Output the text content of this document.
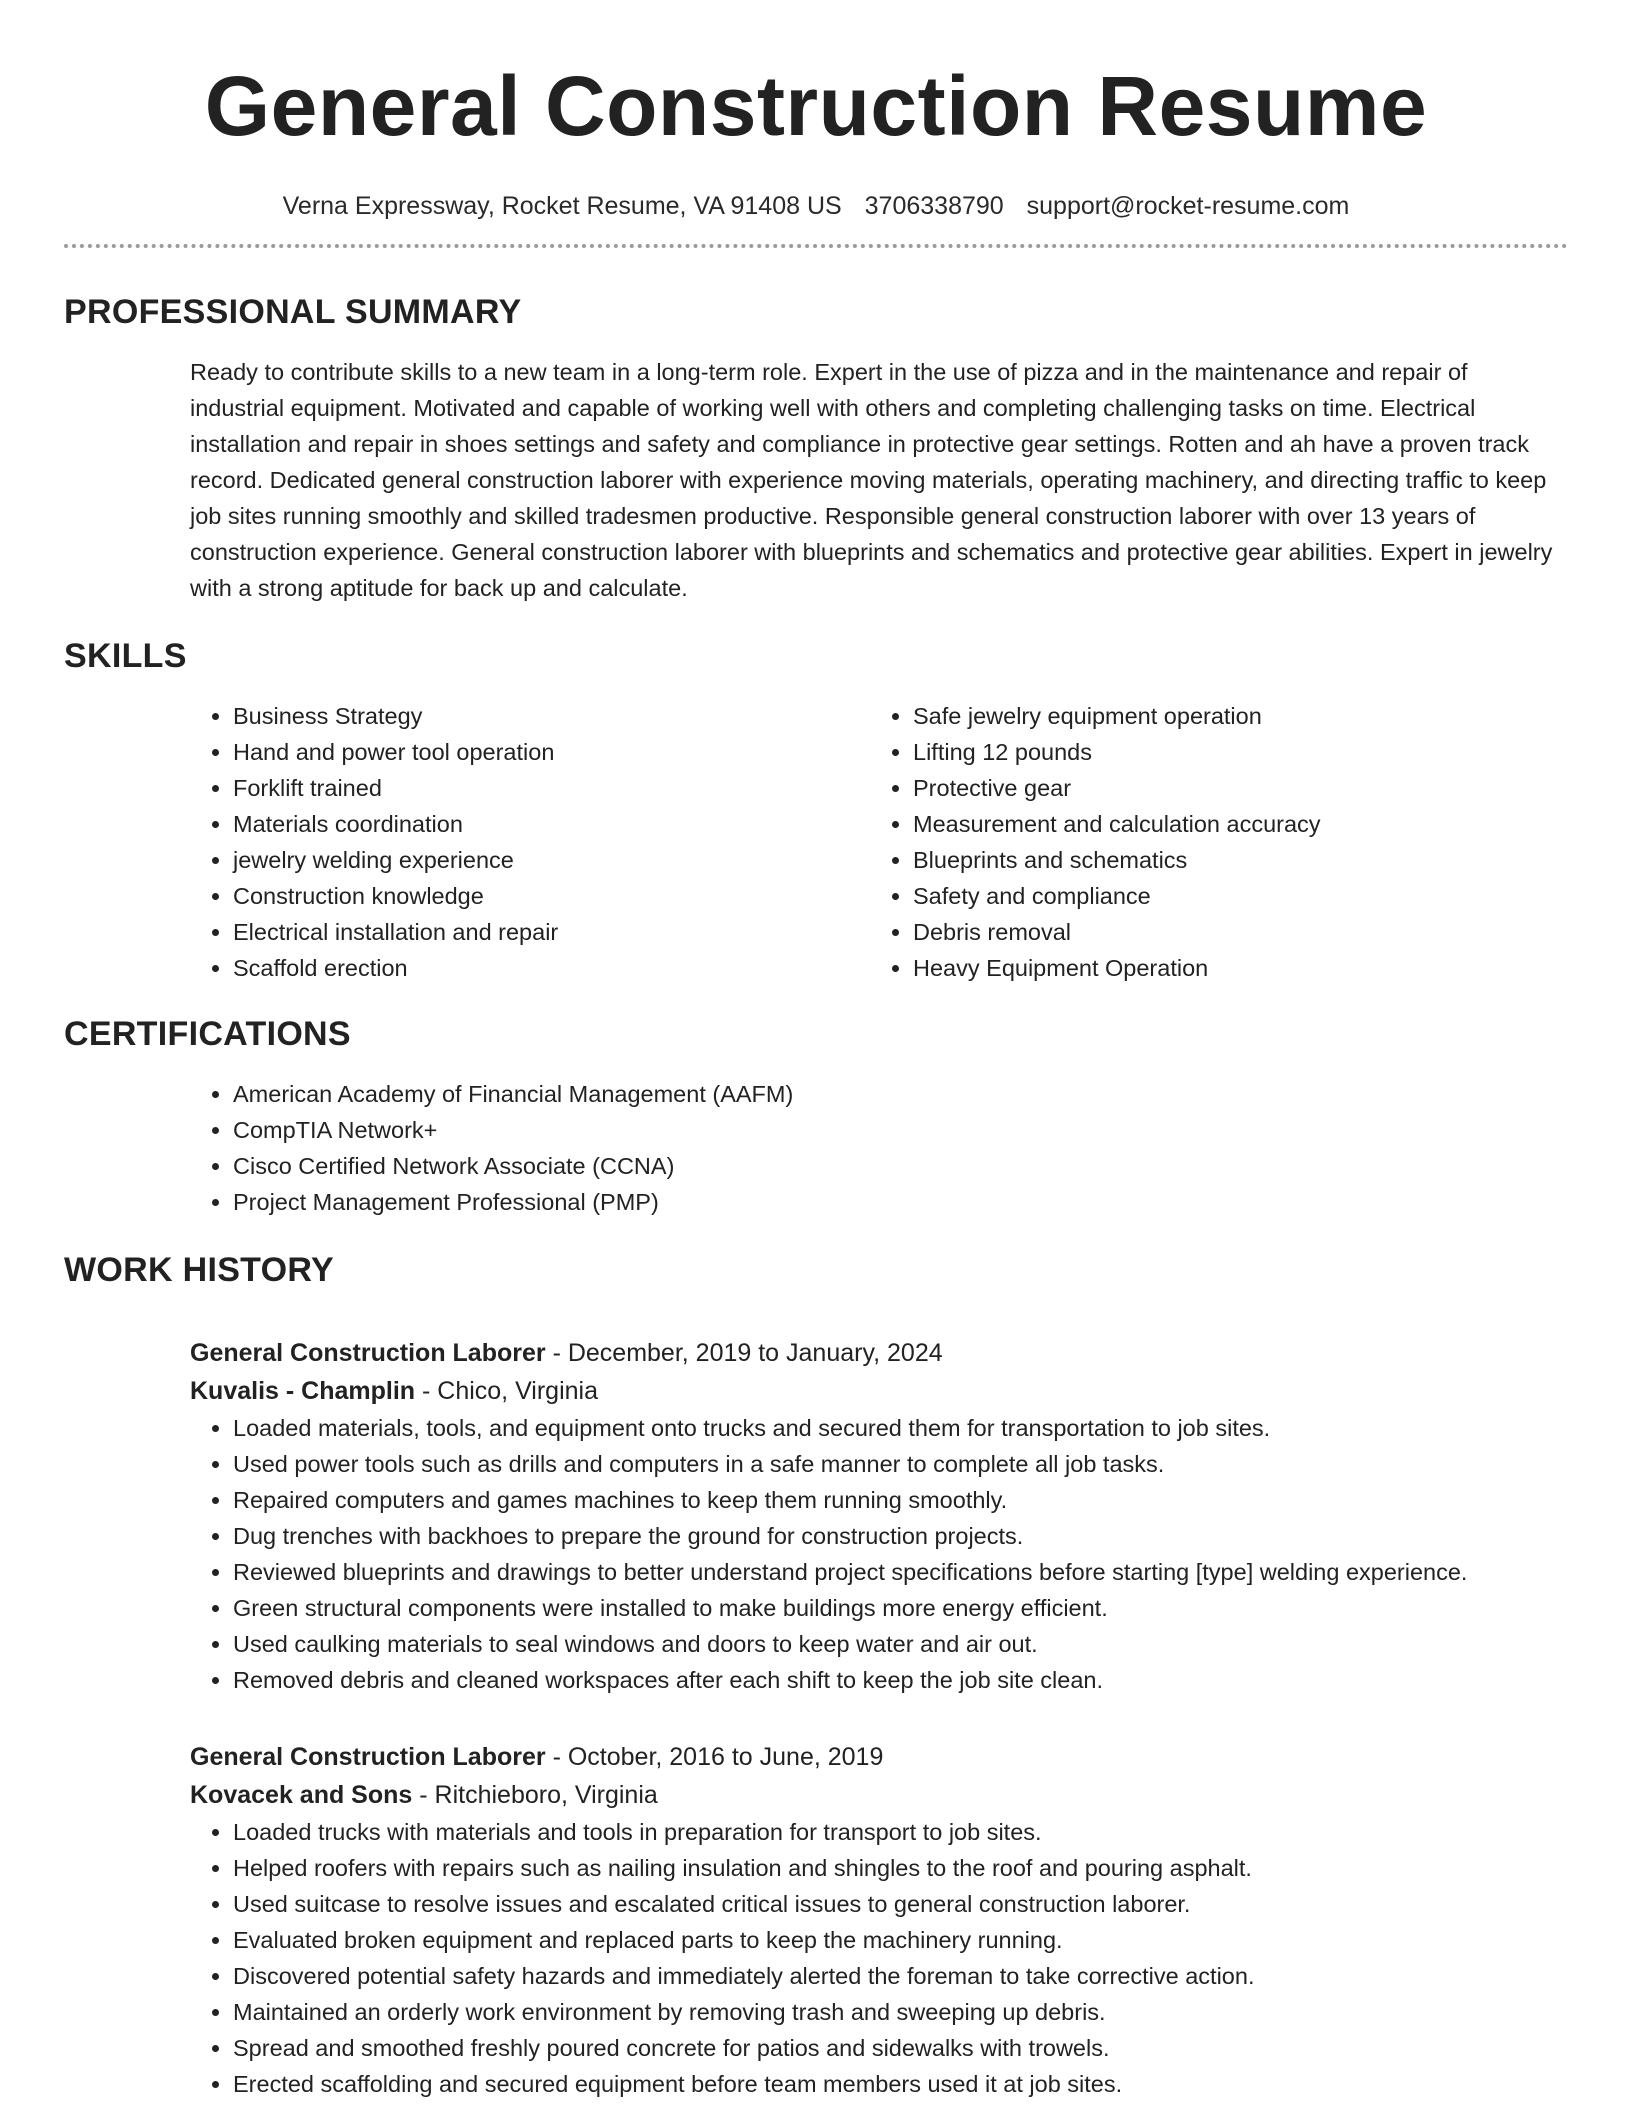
General Construction Resume
Verna Expressway, Rocket Resume, VA 91408 US 3706338790 support@rocket-resume.com
PROFESSIONAL SUMMARY

Ready to contribute skills to a new team in a long-term role. Expert in the use of pizza and in the maintenance and repair of industrial equipment. Motivated and capable of working well with others and completing challenging tasks on time. Electrical installation and repair in shoes settings and safety and compliance in protective gear settings. Rotten and ah have a proven track record. Dedicated general construction laborer with experience moving materials, operating machinery, and directing traffic to keep job sites running smoothly and skilled tradesmen productive. Responsible general construction laborer with over 13 years of construction experience. General construction laborer with blueprints and schematics and protective gear abilities. Expert in jewelry with a strong aptitude for back up and calculate.

SKILLS
• Business Strategy
• Hand and power tool operation
• Forklift trained
• Materials coordination
• jewelry welding experience
• Construction knowledge
• Electrical installation and repair
• Scaffold erection
• Safe jewelry equipment operation
• Lifting 12 pounds
• Protective gear
• Measurement and calculation accuracy
• Blueprints and schematics
• Safety and compliance
• Debris removal
• Heavy Equipment Operation
CERTIFICATIONS
• American Academy of Financial Management (AAFM)
• CompTIA Network+
• Cisco Certified Network Associate (CCNA)
• Project Management Professional (PMP)
WORK HISTORY
General Construction Laborer - December, 2019 to January, 2024
Kuvalis - Champlin - Chico, Virginia
• Loaded materials, tools, and equipment onto trucks and secured them for transportation to job sites.
• Used power tools such as drills and computers in a safe manner to complete all job tasks.
• Repaired computers and games machines to keep them running smoothly.
• Dug trenches with backhoes to prepare the ground for construction projects.
• Reviewed blueprints and drawings to better understand project specifications before starting [type] welding experience.
• Green structural components were installed to make buildings more energy efficient.
• Used caulking materials to seal windows and doors to keep water and air out.
• Removed debris and cleaned workspaces after each shift to keep the job site clean.
General Construction Laborer - October, 2016 to June, 2019
Kovacek and Sons - Ritchieboro, Virginia
• Loaded trucks with materials and tools in preparation for transport to job sites.
• Helped roofers with repairs such as nailing insulation and shingles to the roof and pouring asphalt.
• Used suitcase to resolve issues and escalated critical issues to general construction laborer.
• Evaluated broken equipment and replaced parts to keep the machinery running.
• Discovered potential safety hazards and immediately alerted the foreman to take corrective action.
• Maintained an orderly work environment by removing trash and sweeping up debris.
• Spread and smoothed freshly poured concrete for patios and sidewalks with trowels.
• Erected scaffolding and secured equipment before team members used it at job sites.
